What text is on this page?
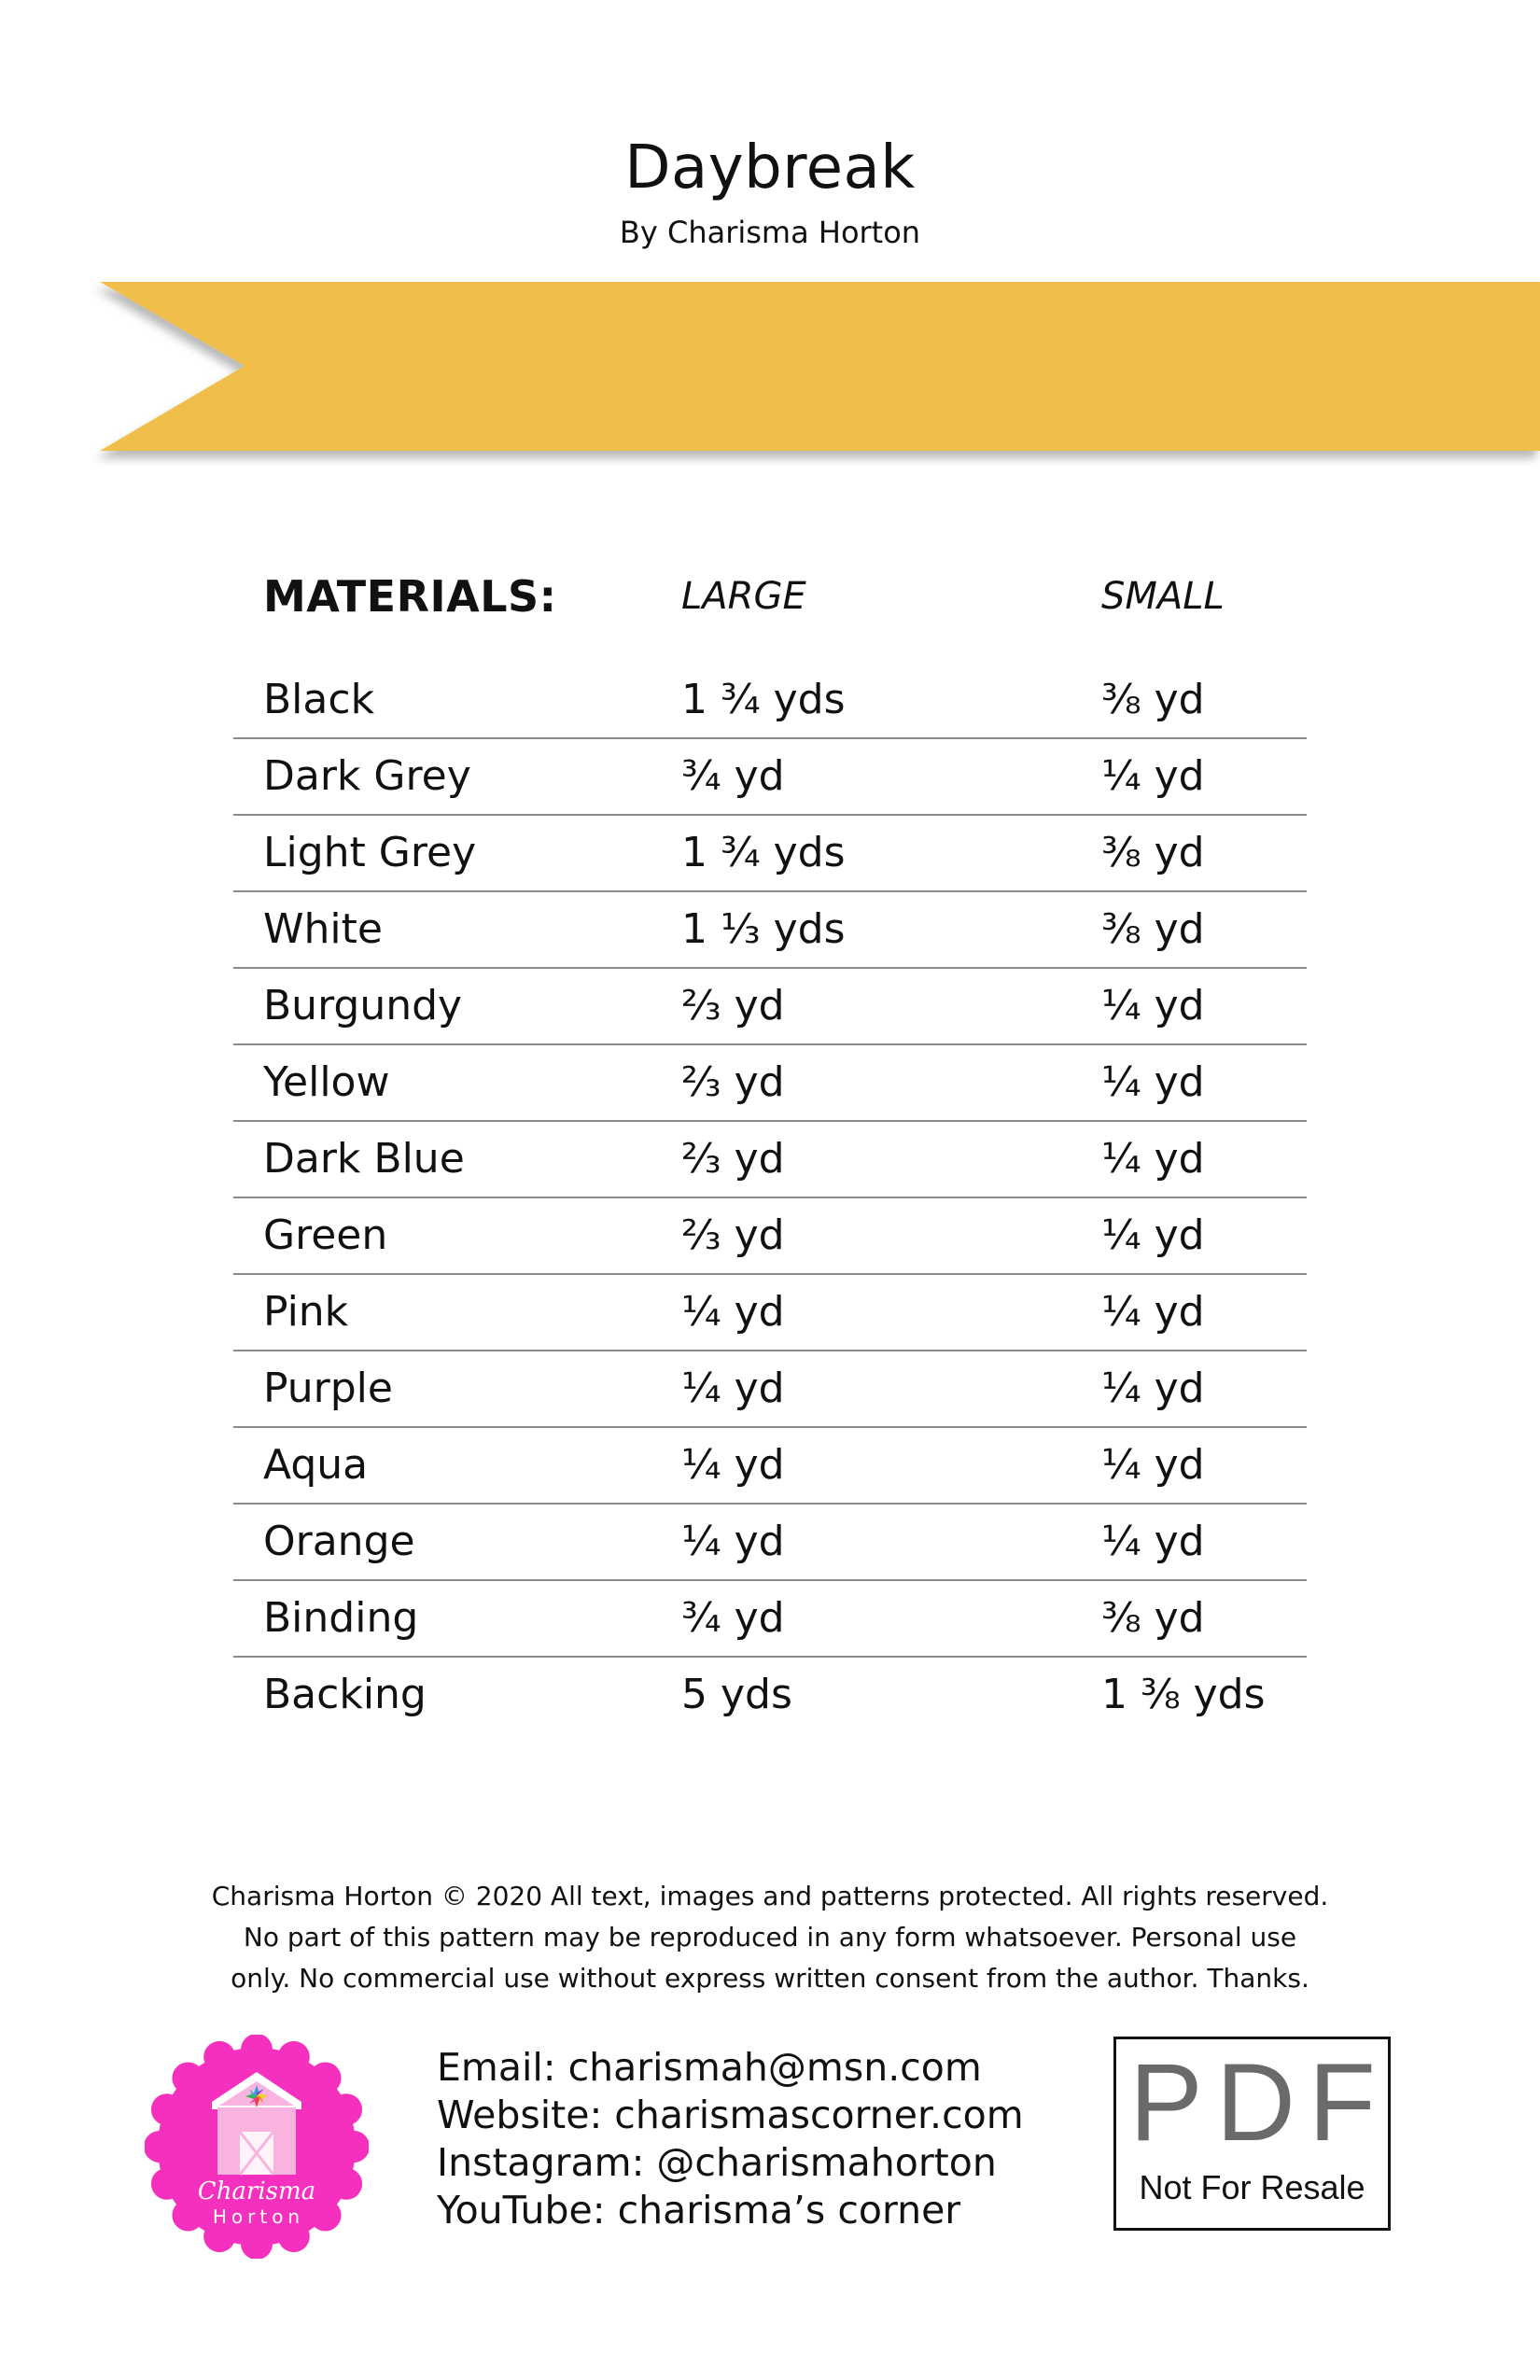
Daybreak
By Charisma Horton
MATERIALS:	LARGE	SMALL
Black	1 ¾ yds	⅜ yd
Dark Grey	¾ yd	¼ yd
Light Grey	1 ¾ yds	⅜ yd
White	1 ⅓ yds	⅜ yd
Burgundy	⅔ yd	¼ yd
Yellow	⅔ yd	¼ yd
Dark Blue	⅔ yd	¼ yd
Green	⅔ yd	¼ yd
Pink	¼ yd	¼ yd
Purple	¼ yd	¼ yd
Aqua	¼ yd	¼ yd
Orange	¼ yd	¼ yd
Binding	¾ yd	⅜ yd
Backing	5 yds	1 ⅜ yds
Charisma Horton © 2020 All text, images and patterns protected. All rights reserved.
No part of this pattern may be reproduced in any form whatsoever. Personal use
only. No commercial use without express written consent from the author. Thanks.
Charisma
Horton
Email: charismah@msn.com
Website: charismascorner.com
Instagram: @charismahorton
YouTube: charisma’s corner
PDF
Not For Resale
